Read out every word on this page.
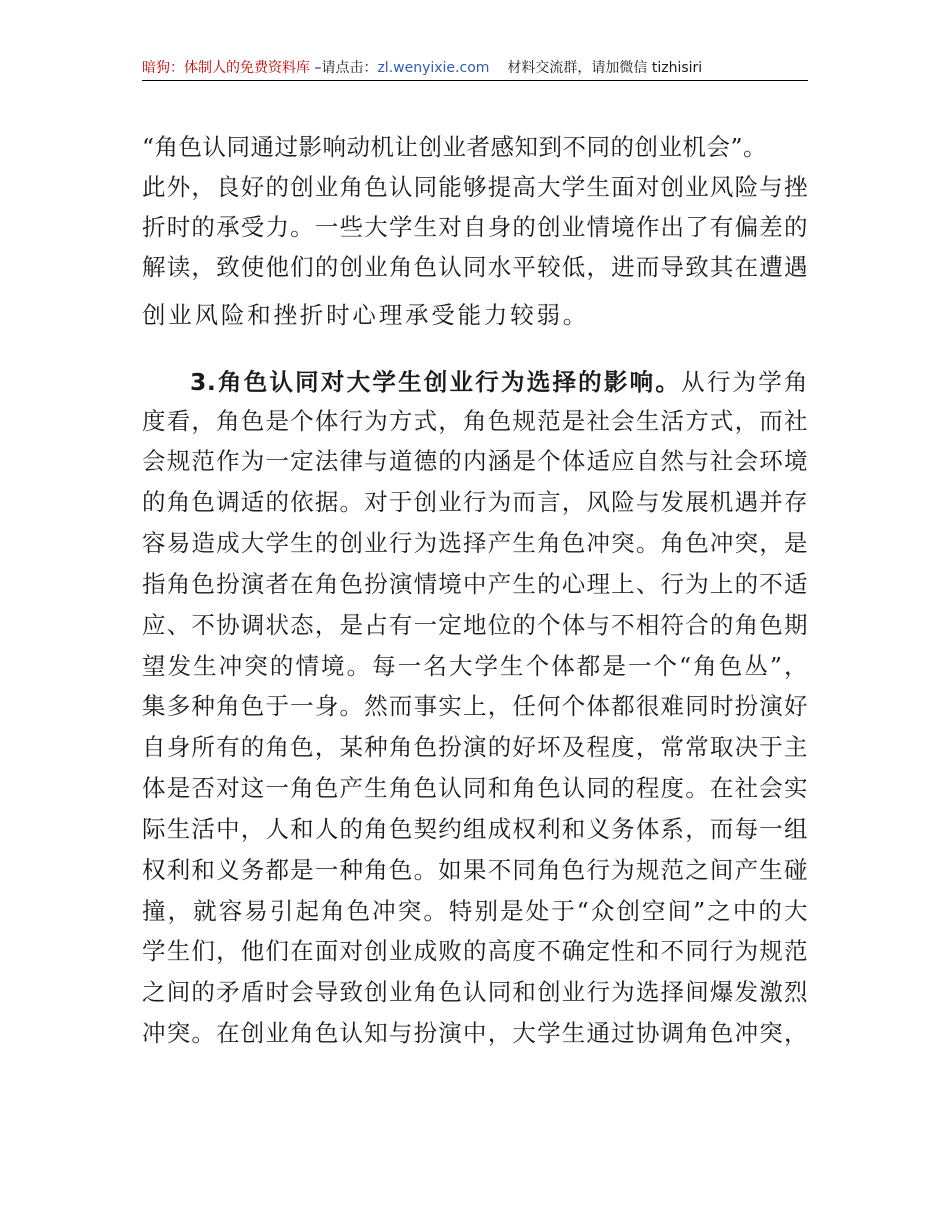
暗狗：体制人的免费资料库 –请点击：zl.wenyixie.com 材料交流群，请加微信 tizhisiri
“角色认同通过影响动机让创业者感知到不同的创业机会”。
此外，良好的创业角色认同能够提高大学生面对创业风险与挫
折时的承受力。一些大学生对自身的创业情境作出了有偏差的
解读，致使他们的创业角色认同水平较低，进而导致其在遭遇
创业风险和挫折时心理承受能力较弱。
3.角色认同对大学生创业行为选择的影响。从行为学角
度看，角色是个体行为方式，角色规范是社会生活方式，而社
会规范作为一定法律与道德的内涵是个体适应自然与社会环境
的角色调适的依据。对于创业行为而言，风险与发展机遇并存
容易造成大学生的创业行为选择产生角色冲突。角色冲突，是
指角色扮演者在角色扮演情境中产生的心理上、行为上的不适
应、不协调状态，是占有一定地位的个体与不相符合的角色期
望发生冲突的情境。每一名大学生个体都是一个“角色丛”，
集多种角色于一身。然而事实上，任何个体都很难同时扮演好
自身所有的角色，某种角色扮演的好坏及程度，常常取决于主
体是否对这一角色产生角色认同和角色认同的程度。在社会实
际生活中，人和人的角色契约组成权利和义务体系，而每一组
权利和义务都是一种角色。如果不同角色行为规范之间产生碰
撞，就容易引起角色冲突。特别是处于“众创空间”之中的大
学生们，他们在面对创业成败的高度不确定性和不同行为规范
之间的矛盾时会导致创业角色认同和创业行为选择间爆发激烈
冲突。在创业角色认知与扮演中，大学生通过协调角色冲突，
